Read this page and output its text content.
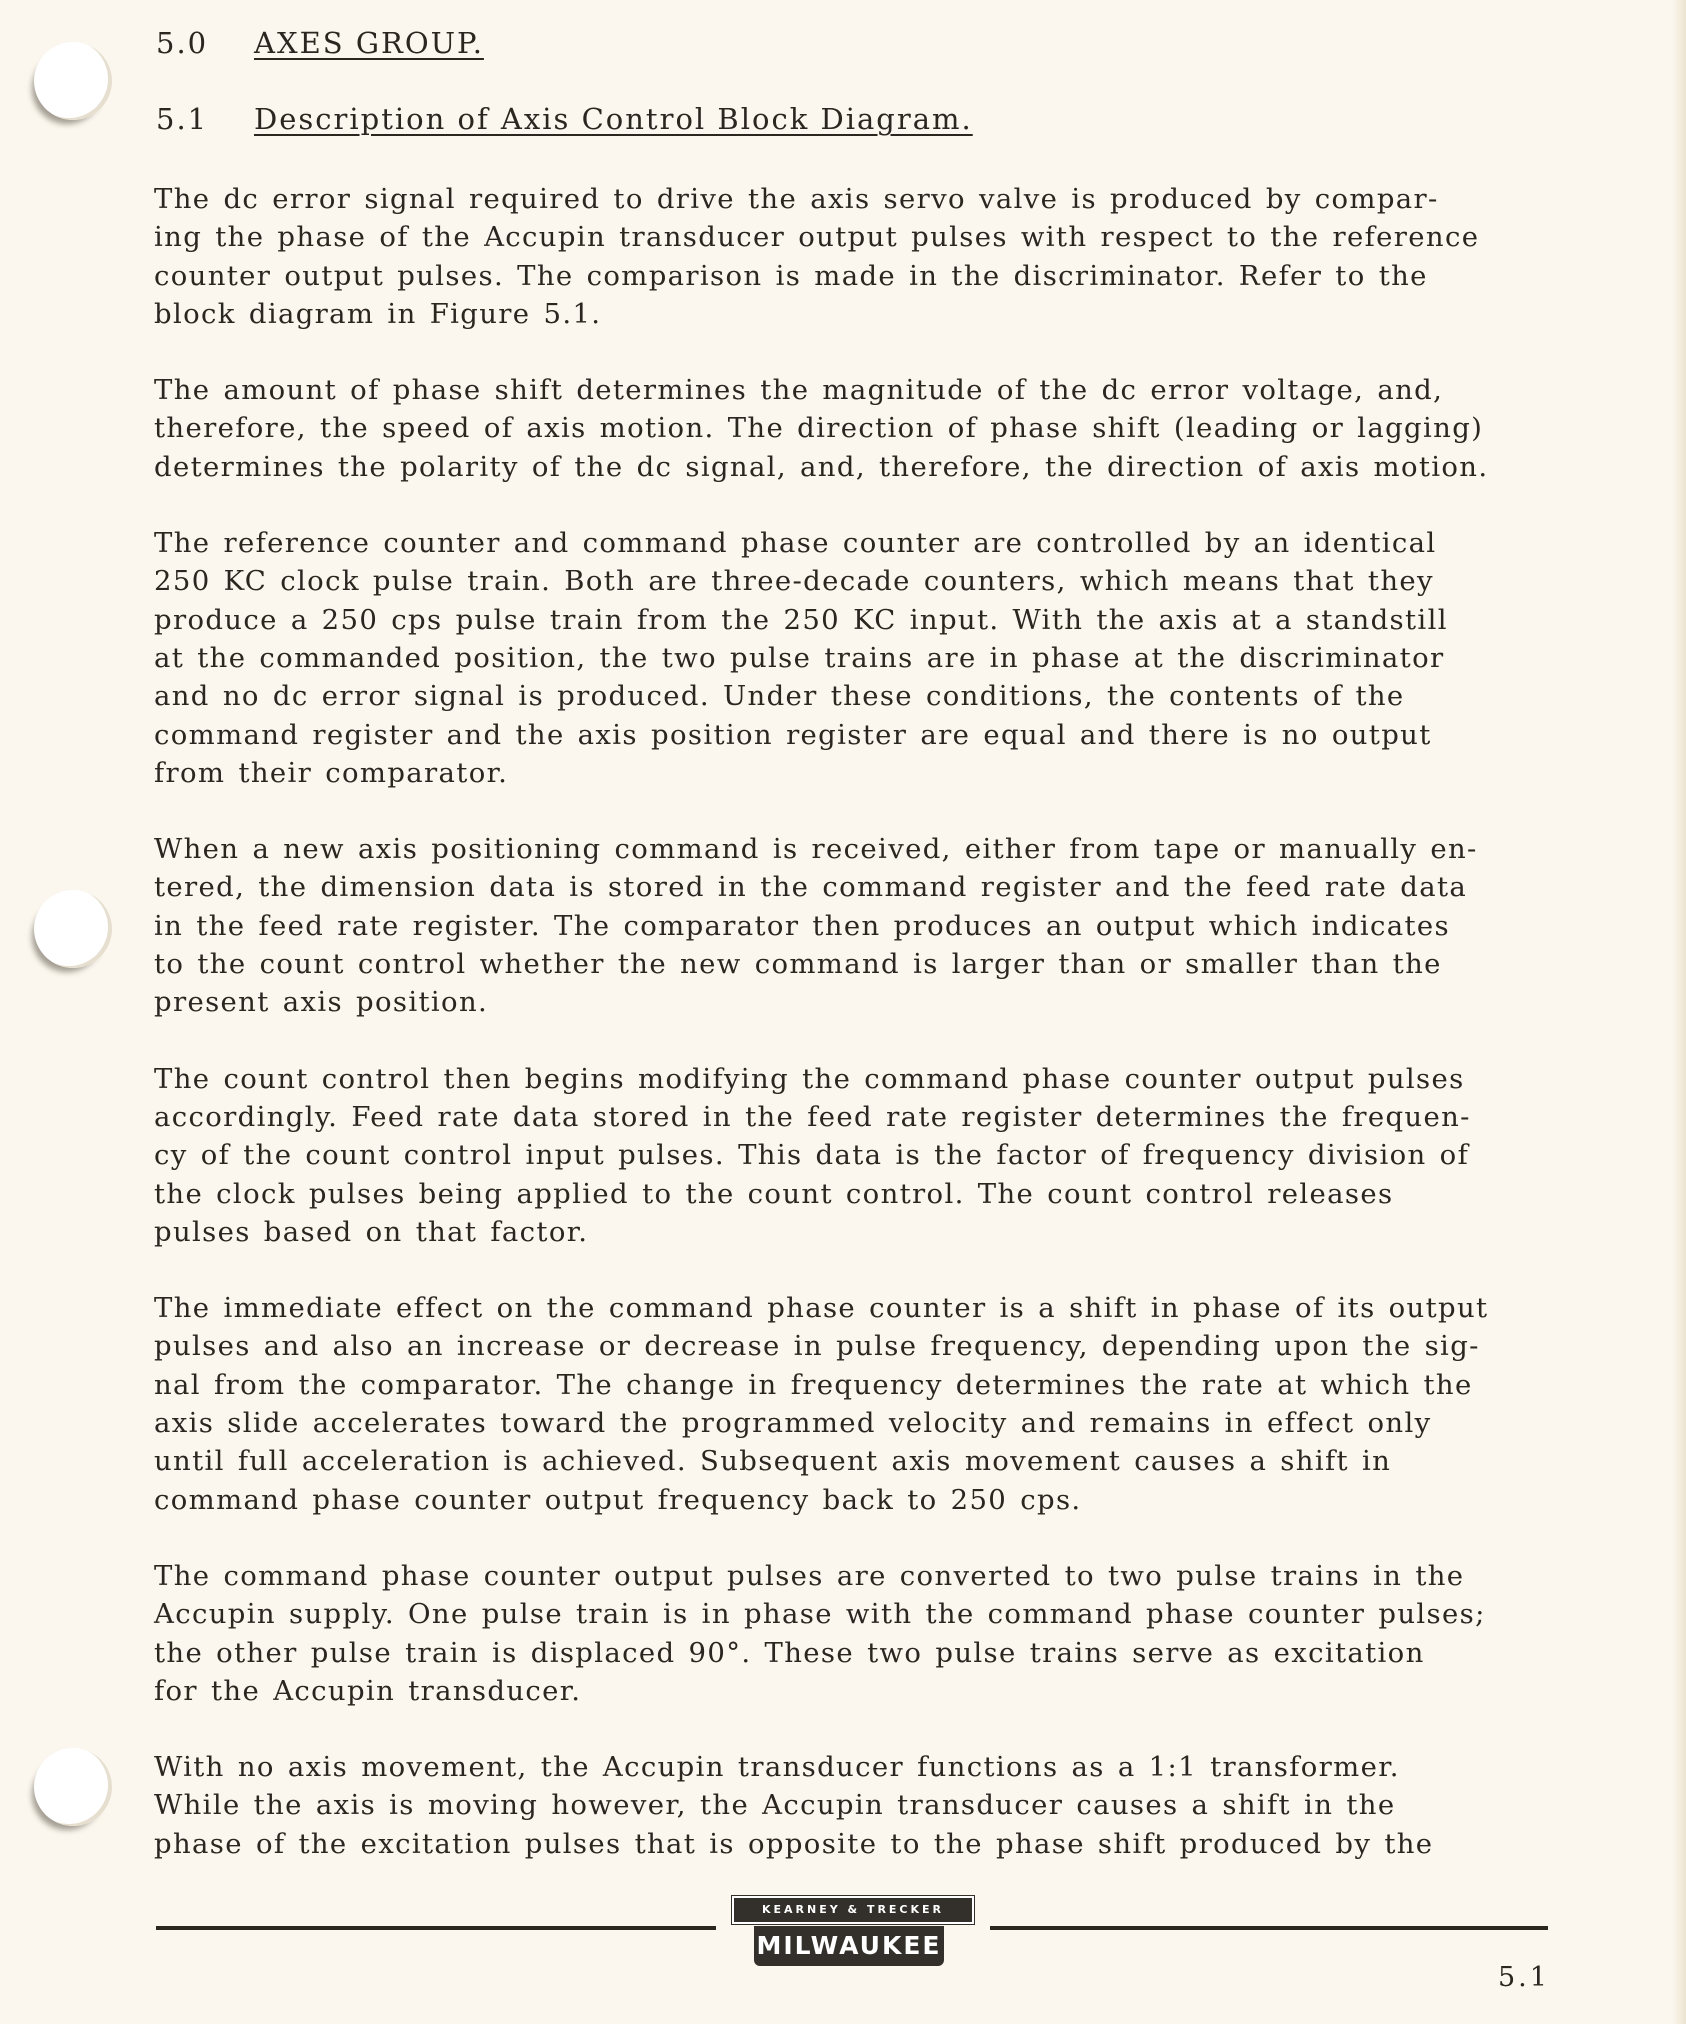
5.0 AXES GROUP.
5.1 Description of Axis Control Block Diagram.
The dc error signal required to drive the axis servo valve is produced by compar-
ing the phase of the Accupin transducer output pulses with respect to the reference
counter output pulses. The comparison is made in the discriminator. Refer to the
block diagram in Figure 5.1.
The amount of phase shift determines the magnitude of the dc error voltage, and,
therefore, the speed of axis motion. The direction of phase shift (leading or lagging)
determines the polarity of the dc signal, and, therefore, the direction of axis motion.
The reference counter and command phase counter are controlled by an identical
250 KC clock pulse train. Both are three-decade counters, which means that they
produce a 250 cps pulse train from the 250 KC input. With the axis at a standstill
at the commanded position, the two pulse trains are in phase at the discriminator
and no dc error signal is produced. Under these conditions, the contents of the
command register and the axis position register are equal and there is no output
from their comparator.
When a new axis positioning command is received, either from tape or manually en-
tered, the dimension data is stored in the command register and the feed rate data
in the feed rate register. The comparator then produces an output which indicates
to the count control whether the new command is larger than or smaller than the
present axis position.
The count control then begins modifying the command phase counter output pulses
accordingly. Feed rate data stored in the feed rate register determines the frequen-
cy of the count control input pulses. This data is the factor of frequency division of
the clock pulses being applied to the count control. The count control releases
pulses based on that factor.
The immediate effect on the command phase counter is a shift in phase of its output
pulses and also an increase or decrease in pulse frequency, depending upon the sig-
nal from the comparator. The change in frequency determines the rate at which the
axis slide accelerates toward the programmed velocity and remains in effect only
until full acceleration is achieved. Subsequent axis movement causes a shift in
command phase counter output frequency back to 250 cps.
The command phase counter output pulses are converted to two pulse trains in the
Accupin supply. One pulse train is in phase with the command phase counter pulses;
the other pulse train is displaced 90°. These two pulse trains serve as excitation
for the Accupin transducer.
With no axis movement, the Accupin transducer functions as a 1:1 transformer.
While the axis is moving however, the Accupin transducer causes a shift in the
phase of the excitation pulses that is opposite to the phase shift produced by the
KEARNEY & TRECKER
MILWAUKEE
5.1
